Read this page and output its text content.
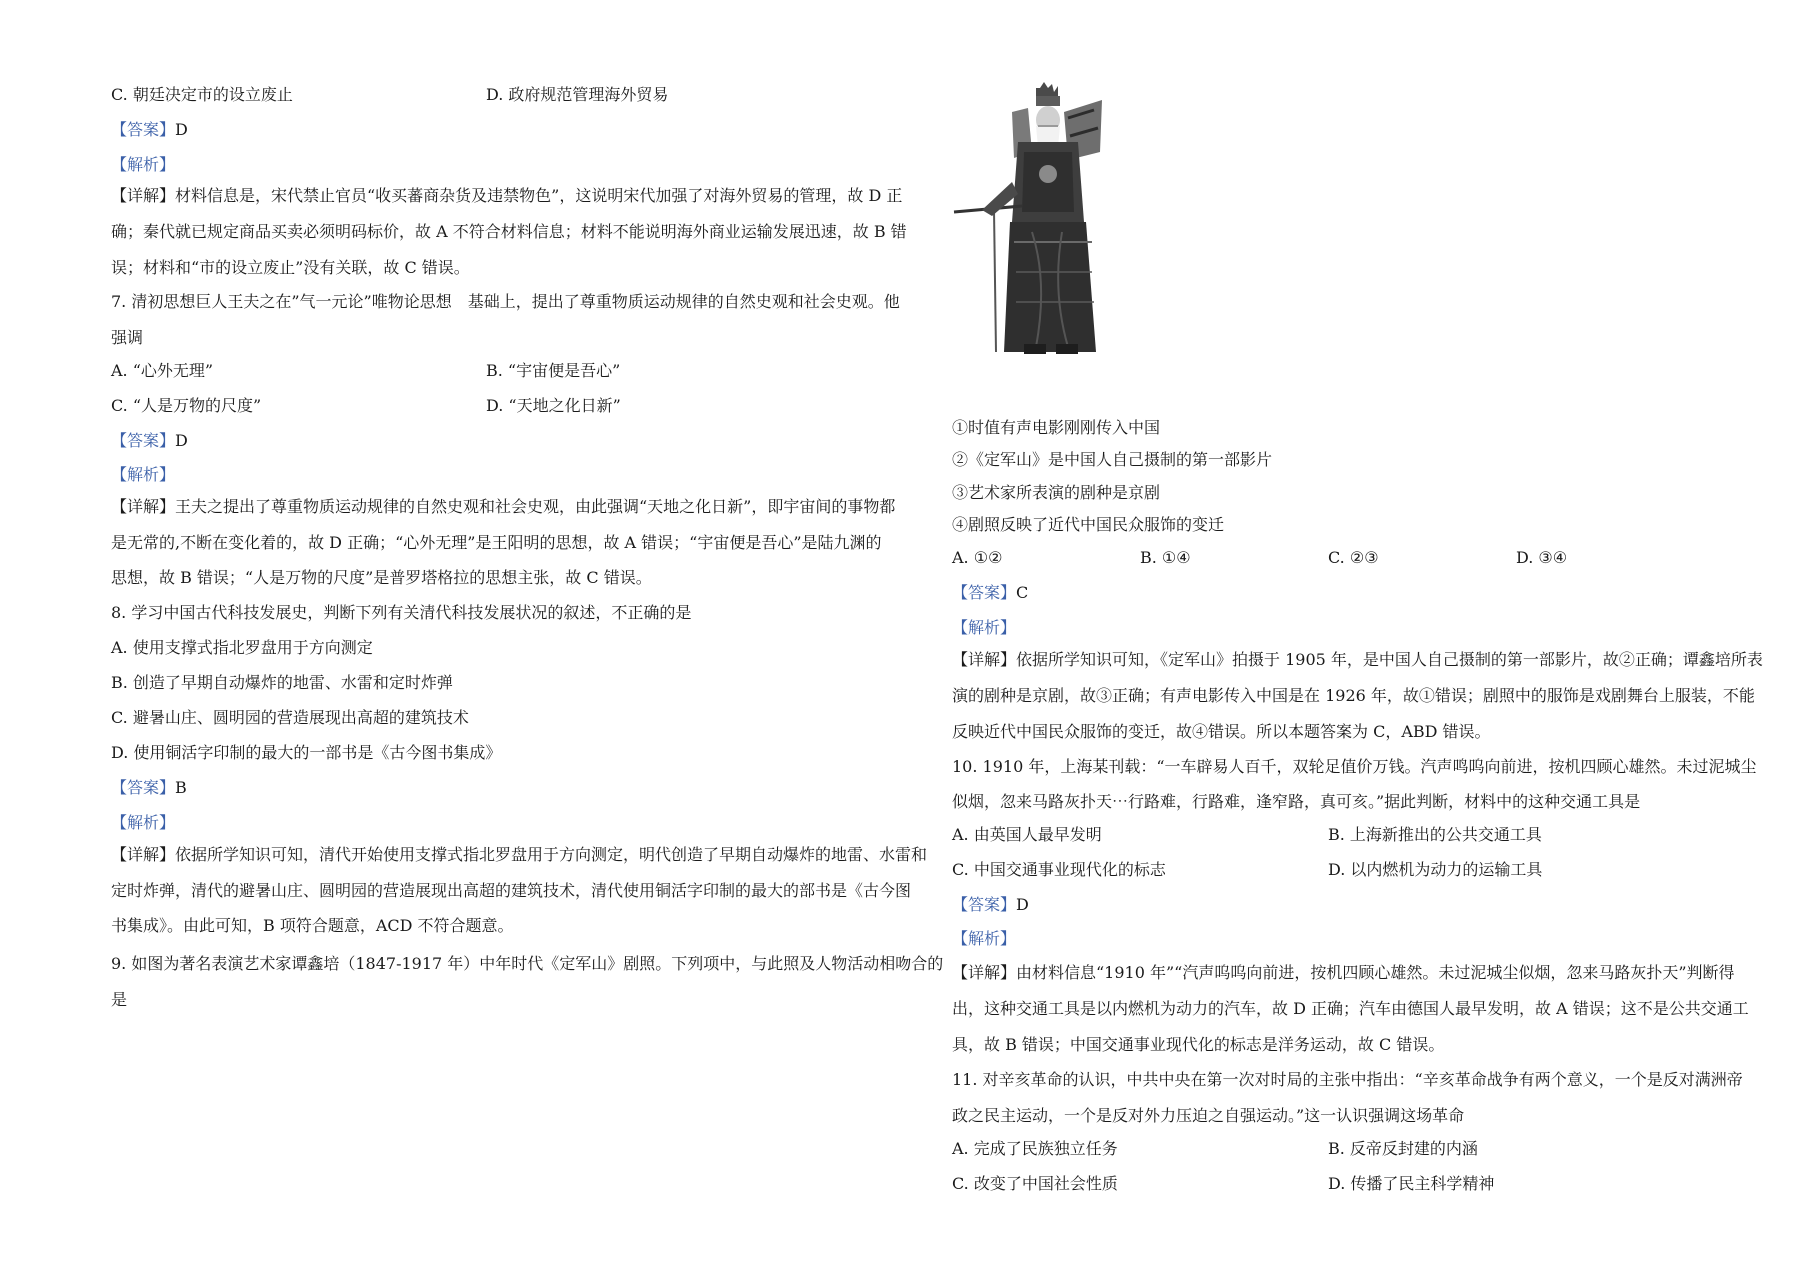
C. 朝廷决定市的设立废止	D. 政府规范管理海外贸易
【答案】D
【解析】
【详解】材料信息是，宋代禁止官员“收买蕃商杂货及违禁物色”，这说明宋代加强了对海外贸易的管理，故 D 正
确；秦代就已规定商品买卖必须明码标价，故 A 不符合材料信息；材料不能说明海外商业运输发展迅速，故 B 错
误；材料和“市的设立废止”没有关联，故 C 错误。
7. 清初思想巨人王夫之在”气一元论”唯物论思想　基础上，提出了尊重物质运动规律的自然史观和社会史观。他
强调
A. “心外无理”	B. “宇宙便是吾心”
C. “人是万物的尺度”	D. “天地之化日新”
【答案】D
【解析】
【详解】王夫之提出了尊重物质运动规律的自然史观和社会史观，由此强调“天地之化日新”，即宇宙间的事物都
是无常的,不断在变化着的，故 D 正确；“心外无理”是王阳明的思想，故 A 错误；“宇宙便是吾心”是陆九渊的
思想，故 B 错误；“人是万物的尺度”是普罗塔格拉的思想主张，故 C 错误。
8. 学习中国古代科技发展史，判断下列有关清代科技发展状况的叙述，不正确的是
A. 使用支撑式指北罗盘用于方向测定
B. 创造了早期自动爆炸的地雷、水雷和定时炸弹
C. 避暑山庄、圆明园的营造展现出高超的建筑技术
D. 使用铜活字印制的最大的一部书是《古今图书集成》
【答案】B
【解析】
【详解】依据所学知识可知，清代开始使用支撑式指北罗盘用于方向测定，明代创造了早期自动爆炸的地雷、水雷和
定时炸弹，清代的避暑山庄、圆明园的营造展现出高超的建筑技术，清代使用铜活字印制的最大的部书是《古今图
书集成》。由此可知，B 项符合题意，ACD 不符合题意。
9. 如图为著名表演艺术家谭鑫培（1847-1917 年）中年时代《定军山》剧照。下列项中，与此照及人物活动相吻合的
是
①时值有声电影刚刚传入中国
②《定军山》是中国人自己摄制的第一部影片
③艺术家所表演的剧种是京剧
④剧照反映了近代中国民众服饰的变迁
A. ①②	B. ①④	C. ②③	D. ③④
【答案】C
【解析】
【详解】依据所学知识可知，《定军山》拍摄于 1905 年，是中国人自己摄制的第一部影片，故②正确；谭鑫培所表
演的剧种是京剧，故③正确；有声电影传入中国是在 1926 年，故①错误；剧照中的服饰是戏剧舞台上服装，不能
反映近代中国民众服饰的变迁，故④错误。所以本题答案为 C，ABD 错误。
10. 1910 年，上海某刊载：“一车辟易人百千，双轮足值价万钱。汽声鸣呜向前进，按机四顾心雄然。未过泥城尘
似烟，忽来马路灰扑天⋯行路难，行路难，逢窄路，真可亥。”据此判断，材料中的这种交通工具是
A. 由英国人最早发明	B. 上海新推出的公共交通工具
C. 中国交通事业现代化的标志	D. 以内燃机为动力的运输工具
【答案】D
【解析】
【详解】由材料信息“1910 年”“汽声呜呜向前进，按机四顾心雄然。未过泥城尘似烟，忽来马路灰扑天”判断得
出，这种交通工具是以内燃机为动力的汽车，故 D 正确；汽车由德国人最早发明，故 A 错误；这不是公共交通工
具，故 B 错误；中国交通事业现代化的标志是洋务运动，故 C 错误。
11. 对辛亥革命的认识，中共中央在第一次对时局的主张中指出：“辛亥革命战争有两个意义，一个是反对满洲帝
政之民主运动，一个是反对外力压迫之自强运动。”这一认识强调这场革命
A. 完成了民族独立任务	B. 反帝反封建的内涵
C. 改变了中国社会性质	D. 传播了民主科学精神
